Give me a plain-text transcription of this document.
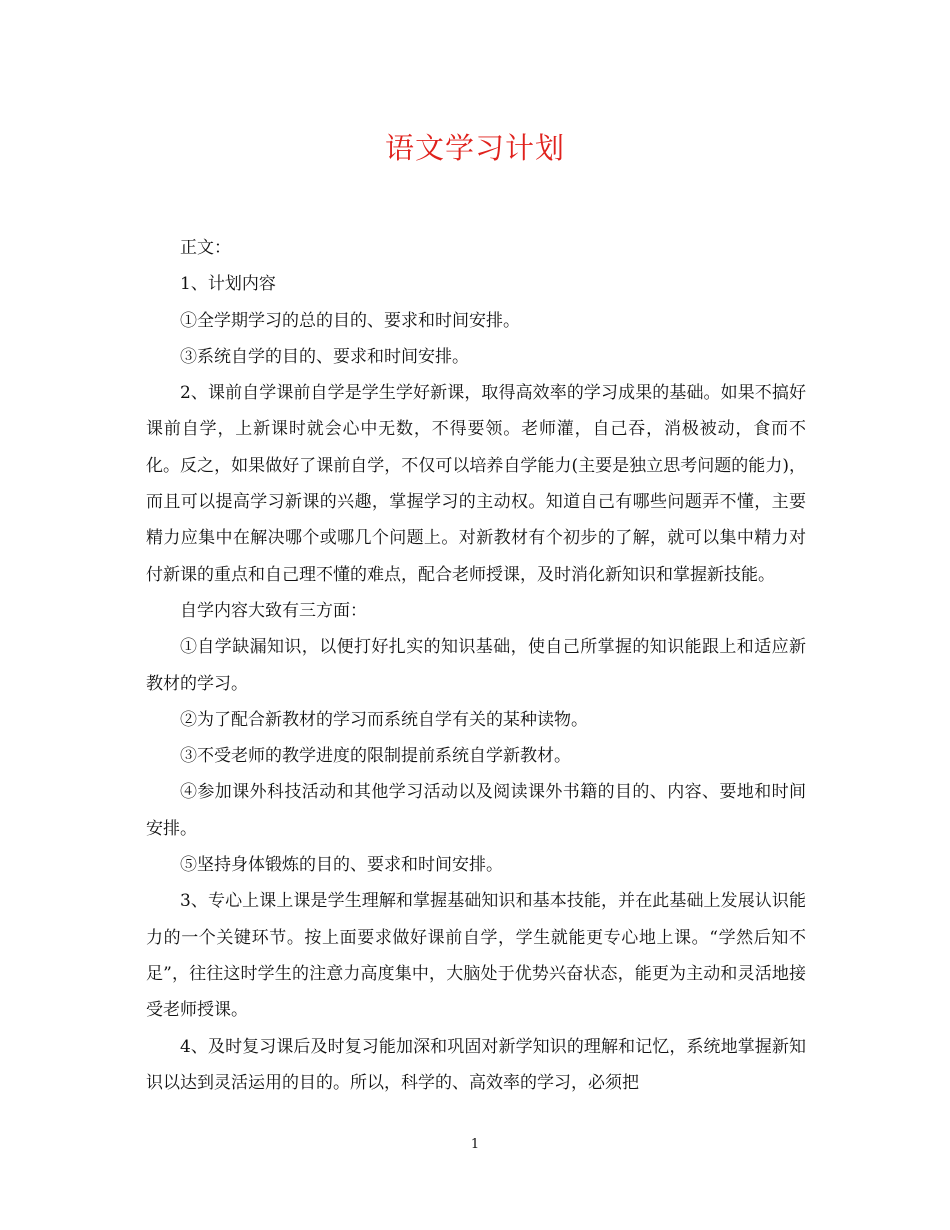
语文学习计划

正文：

1、计划内容

①全学期学习的总的目的、要求和时间安排。

③系统自学的目的、要求和时间安排。

2、课前自学课前自学是学生学好新课，取得高效率的学习成果的基础。如果不搞好课前自学，上新课时就会心中无数，不得要领。老师灌，自己吞，消极被动，食而不化。反之，如果做好了课前自学，不仅可以培养自学能力(主要是独立思考问题的能力)，而且可以提高学习新课的兴趣，掌握学习的主动权。知道自己有哪些问题弄不懂，主要精力应集中在解决哪个或哪几个问题上。对新教材有个初步的了解，就可以集中精力对付新课的重点和自己理不懂的难点，配合老师授课，及时消化新知识和掌握新技能。

自学内容大致有三方面：

①自学缺漏知识，以便打好扎实的知识基础，使自己所掌握的知识能跟上和适应新教材的学习。

②为了配合新教材的学习而系统自学有关的某种读物。

③不受老师的教学进度的限制提前系统自学新教材。

④参加课外科技活动和其他学习活动以及阅读课外书籍的目的、内容、要地和时间安排。

⑤坚持身体锻炼的目的、要求和时间安排。

3、专心上课上课是学生理解和掌握基础知识和基本技能，并在此基础上发展认识能力的一个关键环节。按上面要求做好课前自学，学生就能更专心地上课。“学然后知不足”，往往这时学生的注意力高度集中，大脑处于优势兴奋状态，能更为主动和灵活地接受老师授课。

4、及时复习课后及时复习能加深和巩固对新学知识的理解和记忆，系统地掌握新知识以达到灵活运用的目的。所以，科学的、高效率的学习，必须把

1
